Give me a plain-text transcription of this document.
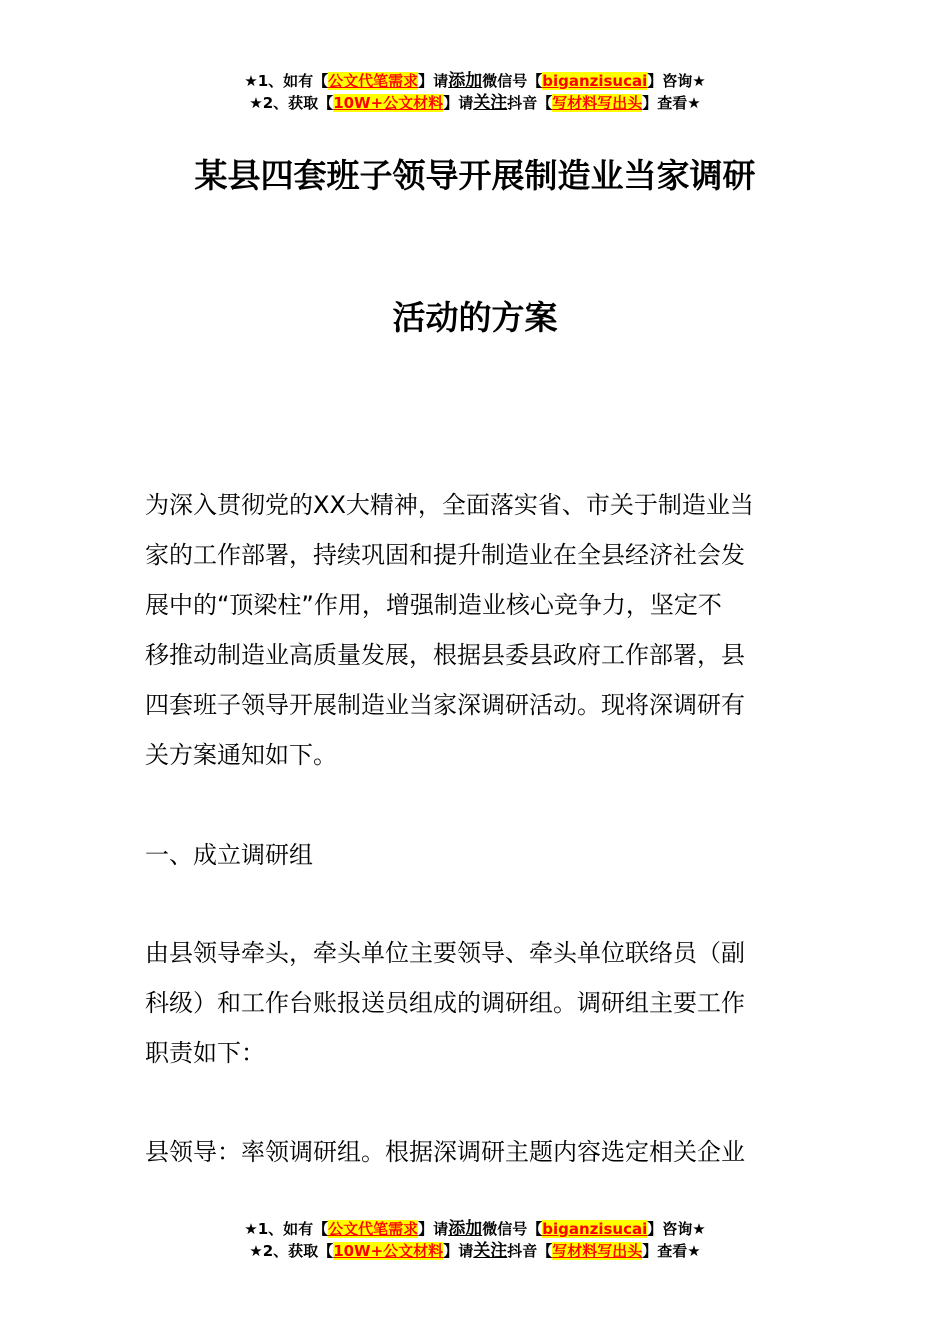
★1、如有【公文代笔需求】请添加微信号【biganzisucai】咨询★
★2、获取【10W+公文材料】请关注抖音【写材料写出头】查看★
某县四套班子领导开展制造业当家调研
活动的方案

为深入贯彻党的XX大精神，全面落实省、市关于制造业当

家的工作部署，持续巩固和提升制造业在全县经济社会发

展中的“顶梁柱”作用，增强制造业核心竞争力，坚定不

移推动制造业高质量发展，根据县委县政府工作部署，县

四套班子领导开展制造业当家深调研活动。现将深调研有

关方案通知如下。

一、成立调研组

由县领导牵头，牵头单位主要领导、牵头单位联络员（副

科级）和工作台账报送员组成的调研组。调研组主要工作

职责如下：

县领导：率领调研组。根据深调研主题内容选定相关企业

★1、如有【公文代笔需求】请添加微信号【biganzisucai】咨询★
★2、获取【10W+公文材料】请关注抖音【写材料写出头】查看★
